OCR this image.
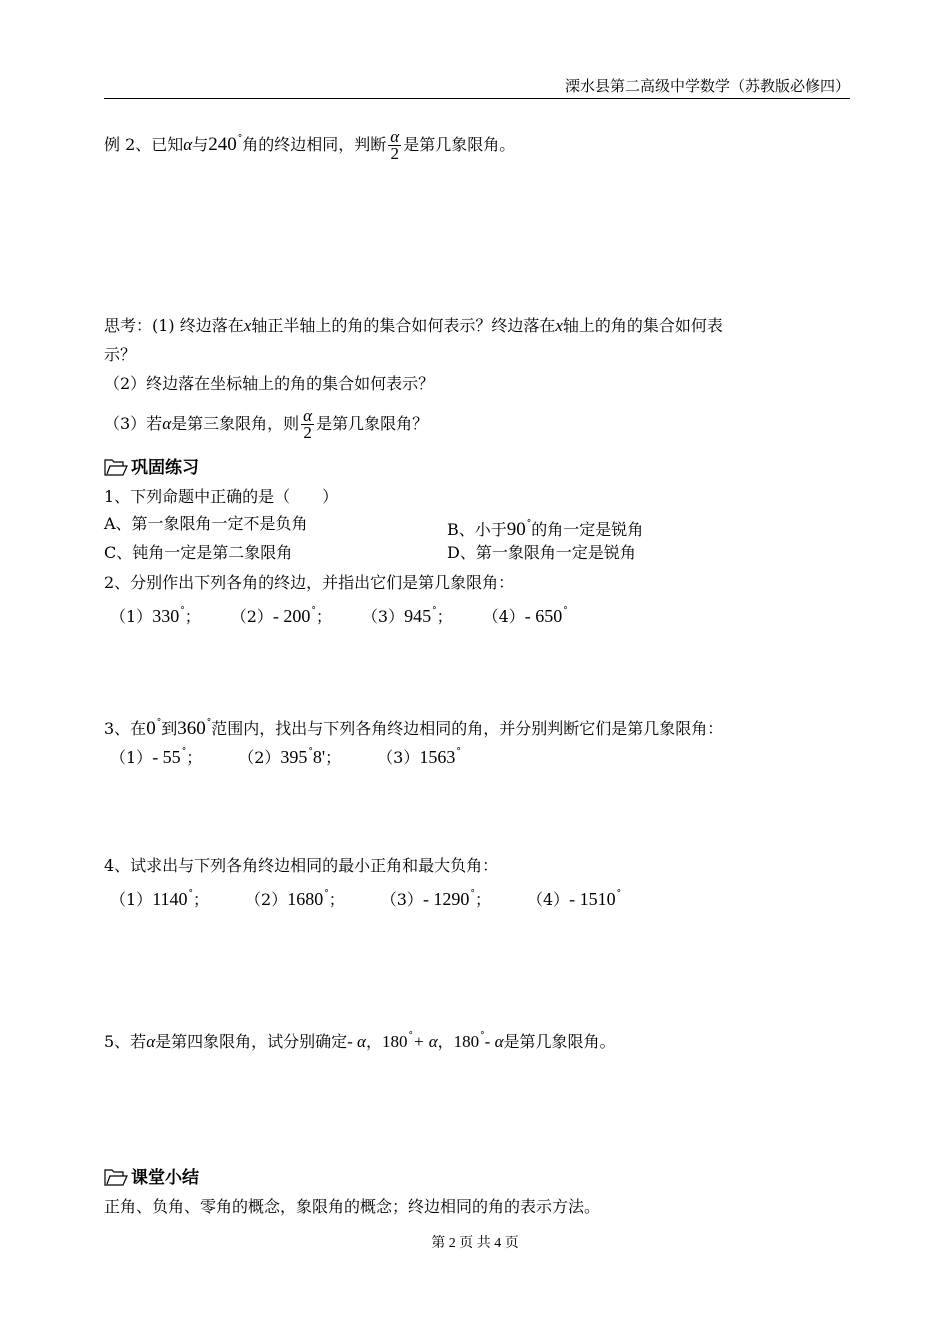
溧水县第二高级中学数学（苏教版必修四）
例 2、已知α与240°角的终边相同，判断 $\frac{\alpha}{2}$ 是第几象限角。
思考：(1) 终边落在x轴正半轴上的角的集合如何表示？终边落在x轴上的角的集合如何表
示？
（2）终边落在坐标轴上的角的集合如何表示？
（3）若α是第三象限角，则 $\frac{\alpha}{2}$ 是第几象限角？
巩固练习
1、下列命题中正确的是（　　）
A、第一象限角一定不是负角	B、小于90°的角一定是锐角
C、钝角一定是第二象限角	D、第一象限角一定是锐角
2、分别作出下列各角的终边，并指出它们是第几象限角：
（1）330°； （2）- 200°； （3）945°； （4）- 650°
3、在0°到360°范围内，找出与下列各角终边相同的角，并分别判断它们是第几象限角：
（1）- 55°； （2）395°8'； （3）1563°
4、试求出与下列各角终边相同的最小正角和最大负角：
（1）1140°； （2）1680°； （3）- 1290°； （4）- 1510°
5、若α是第四象限角，试分别确定- α，180°+ α，180°- α是第几象限角。
课堂小结
正角、负角、零角的概念，象限角的概念；终边相同的角的表示方法。
第 2 页 共 4 页
